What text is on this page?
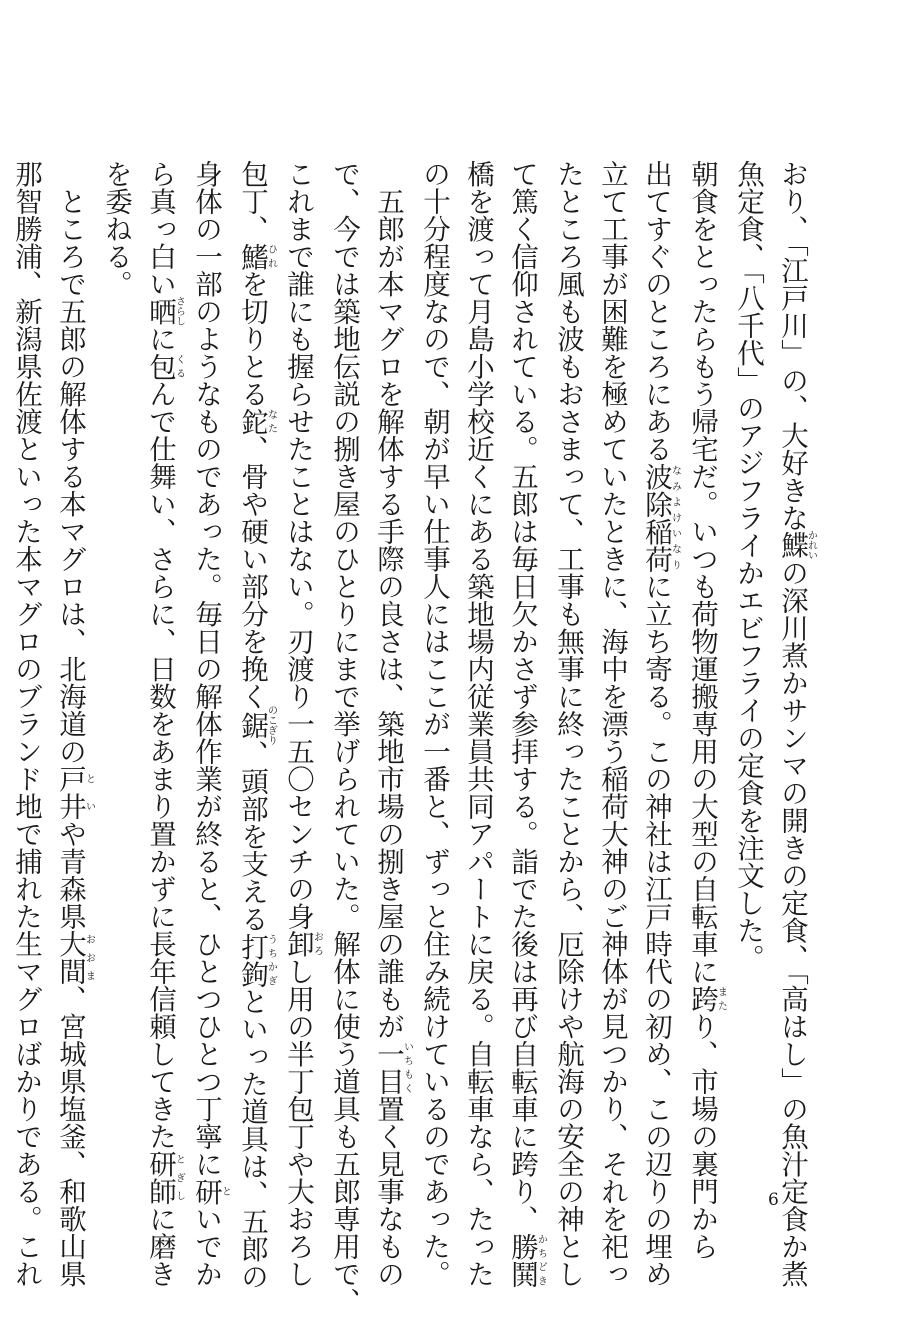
おり、「江戸川」の、大好きな鰈かれいの深川煮かサンマの開きの定食、「高はし」の魚汁定食か煮
魚定食、「八千代」のアジフライかエビフライの定食を注文した。
朝食をとったらもう帰宅だ。いつも荷物運搬専用の大型の自転車に跨またり、市場の裏門から
出てすぐのところにある波除稲荷なみよけいなりに立ち寄る。この神社は江戸時代の初め、この辺りの埋め
立て工事が困難を極めていたときに、海中を漂う稲荷大神のご神体が見つかり、それを祀っ
たところ風も波もおさまって、工事も無事に終ったことから、厄除けや航海の安全の神とし
て篤く信仰されている。五郎は毎日欠かさず参拝する。詣でた後は再び自転車に跨り、勝鬨かちどき
橋を渡って月島小学校近くにある築地場内従業員共同アパートに戻る。自転車なら、たった
の十分程度なので、朝が早い仕事人にはここが一番と、ずっと住み続けているのであった。
　五郎が本マグロを解体する手際の良さは、築地市場の捌き屋の誰もが一目いちもく置く見事なもの
で、今では築地伝説の捌き屋のひとりにまで挙げられていた。解体に使う道具も五郎専用で、
これまで誰にも握らせたことはない。刃渡り一五〇センチの身卸おろし用の半丁包丁や大おろし
包丁、鰭ひれを切りとる鉈なた、骨や硬い部分を挽く鋸のこぎり、頭部を支える打鉤うちかぎといった道具は、五郎の
身体の一部のようなものであった。毎日の解体作業が終ると、ひとつひとつ丁寧に研といでか
ら真っ白い晒さらしに包くるんで仕舞い、さらに、日数をあまり置かずに長年信頼してきた研師とぎしに磨き
を委ねる。
　ところで五郎の解体する本マグロは、北海道の戸井といや青森県大間おおま、宮城県塩釜、和歌山県
那智勝浦、新潟県佐渡といった本マグロのブランド地で捕れた生マグロばかりである。これ	6
